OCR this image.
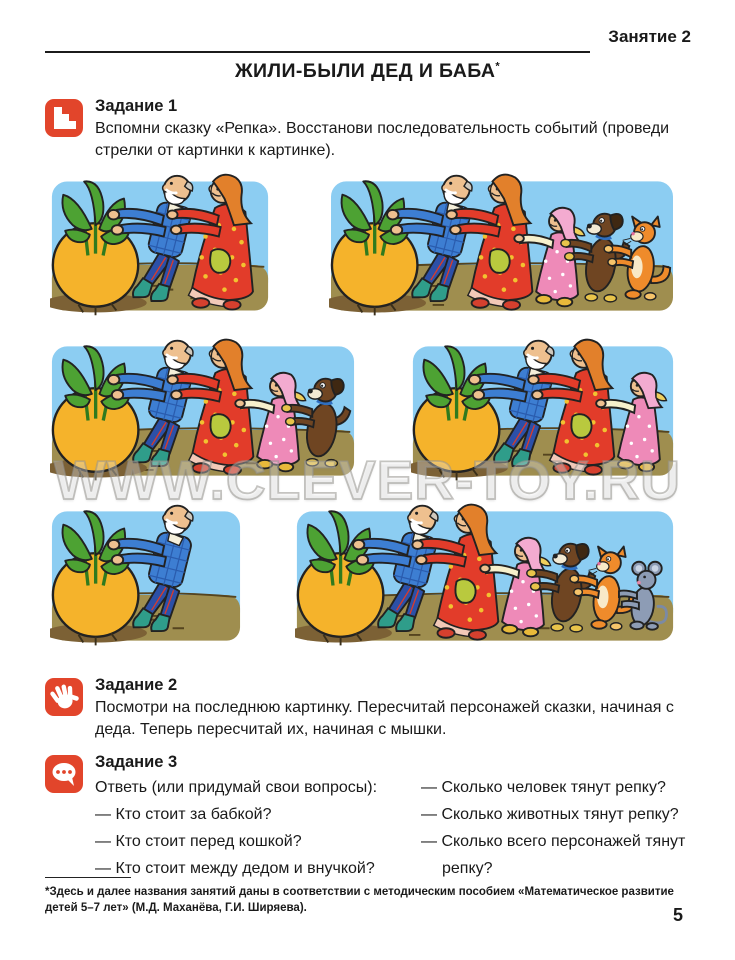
Занятие 2
ЖИЛИ-БЫЛИ ДЕД И БАБА*
Задание 1
Вспомни сказку «Репка». Восстанови последовательность событий (проведи стрелки от картинки к картинке).
WWW.CLEVER-TOY.RU
Задание 2
Посмотри на последнюю картинку. Пересчитай персонажей сказки, начиная с деда. Теперь пересчитай их, начиная с мышки.
Задание 3
Ответь (или придумай свои вопросы):
— Кто стоит за бабкой?
— Кто стоит перед кошкой?
— Кто стоит между дедом и внучкой?
— Сколько человек тянут репку?
— Сколько животных тянут репку?
— Сколько всего персонажей тянут репку?
*Здесь и далее названия занятий даны в соответствии с методическим пособием «Математическое развитие детей 5–7 лет» (М.Д. Маханёва, Г.И. Ширяева).	5
